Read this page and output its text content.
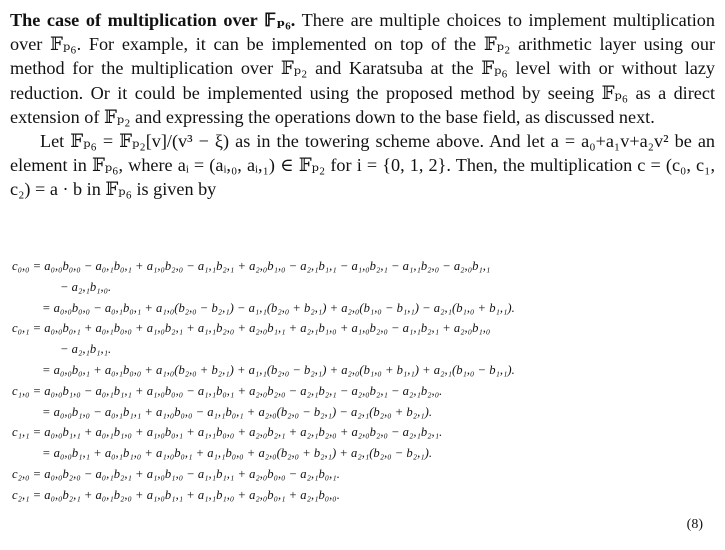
The case of multiplication over 𝔽ₚ₆. There are multiple choices to implement multiplication over 𝔽ₚ₆. For example, it can be implemented on top of the 𝔽ₚ₂ arithmetic layer using our method for the multiplication over 𝔽ₚ₂ and Karatsuba at the 𝔽ₚ₆ level with or without lazy reduction. Or it could be implemented using the proposed method by seeing 𝔽ₚ₆ as a direct extension of 𝔽ₚ₂ and expressing the operations down to the base field, as discussed next.

Let 𝔽ₚ₆ = 𝔽ₚ₂[v]/(v³ − ξ) as in the towering scheme above. And let a = a₀+a₁v+a₂v² be an element in 𝔽ₚ₆, where aᵢ = (aᵢ,₀, aᵢ,₁) ∈ 𝔽ₚ₂ for i = {0, 1, 2}. Then, the multiplication c = (c₀, c₁, c₂) = a · b in 𝔽ₚ₆ is given by

c₀,₀ = a₀,₀b₀,₀ − a₀,₁b₀,₁ + a₁,₀b₂,₀ − a₁,₁b₂,₁ + a₂,₀b₁,₀ − a₂,₁b₁,₁ − a₁,₀b₂,₁ − a₁,₁b₂,₀ − a₂,₀b₁,₁
− a₂,₁b₁,₀.
= a₀,₀b₀,₀ − a₀,₁b₀,₁ + a₁,₀(b₂,₀ − b₂,₁) − a₁,₁(b₂,₀ + b₂,₁) + a₂,₀(b₁,₀ − b₁,₁) − a₂,₁(b₁,₀ + b₁,₁).
c₀,₁ = a₀,₀b₀,₁ + a₀,₁b₀,₀ + a₁,₀b₂,₁ + a₁,₁b₂,₀ + a₂,₀b₁,₁ + a₂,₁b₁,₀ + a₁,₀b₂,₀ − a₁,₁b₂,₁ + a₂,₀b₁,₀
− a₂,₁b₁,₁.
= a₀,₀b₀,₁ + a₀,₁b₀,₀ + a₁,₀(b₂,₀ + b₂,₁) + a₁,₁(b₂,₀ − b₂,₁) + a₂,₀(b₁,₀ + b₁,₁) + a₂,₁(b₁,₀ − b₁,₁).
c₁,₀ = a₀,₀b₁,₀ − a₀,₁b₁,₁ + a₁,₀b₀,₀ − a₁,₁b₀,₁ + a₂,₀b₂,₀ − a₂,₁b₂,₁ − a₂,₀b₂,₁ − a₂,₁b₂,₀.
= a₀,₀b₁,₀ − a₀,₁b₁,₁ + a₁,₀b₀,₀ − a₁,₁b₀,₁ + a₂,₀(b₂,₀ − b₂,₁) − a₂,₁(b₂,₀ + b₂,₁).
c₁,₁ = a₀,₀b₁,₁ + a₀,₁b₁,₀ + a₁,₀b₀,₁ + a₁,₁b₀,₀ + a₂,₀b₂,₁ + a₂,₁b₂,₀ + a₂,₀b₂,₀ − a₂,₁b₂,₁.
= a₀,₀b₁,₁ + a₀,₁b₁,₀ + a₁,₀b₀,₁ + a₁,₁b₀,₀ + a₂,₀(b₂,₀ + b₂,₁) + a₂,₁(b₂,₀ − b₂,₁).
c₂,₀ = a₀,₀b₂,₀ − a₀,₁b₂,₁ + a₁,₀b₁,₀ − a₁,₁b₁,₁ + a₂,₀b₀,₀ − a₂,₁b₀,₁.
c₂,₁ = a₀,₀b₂,₁ + a₀,₁b₂,₀ + a₁,₀b₁,₁ + a₁,₁b₁,₀ + a₂,₀b₀,₁ + a₂,₁b₀,₀.
(8)
